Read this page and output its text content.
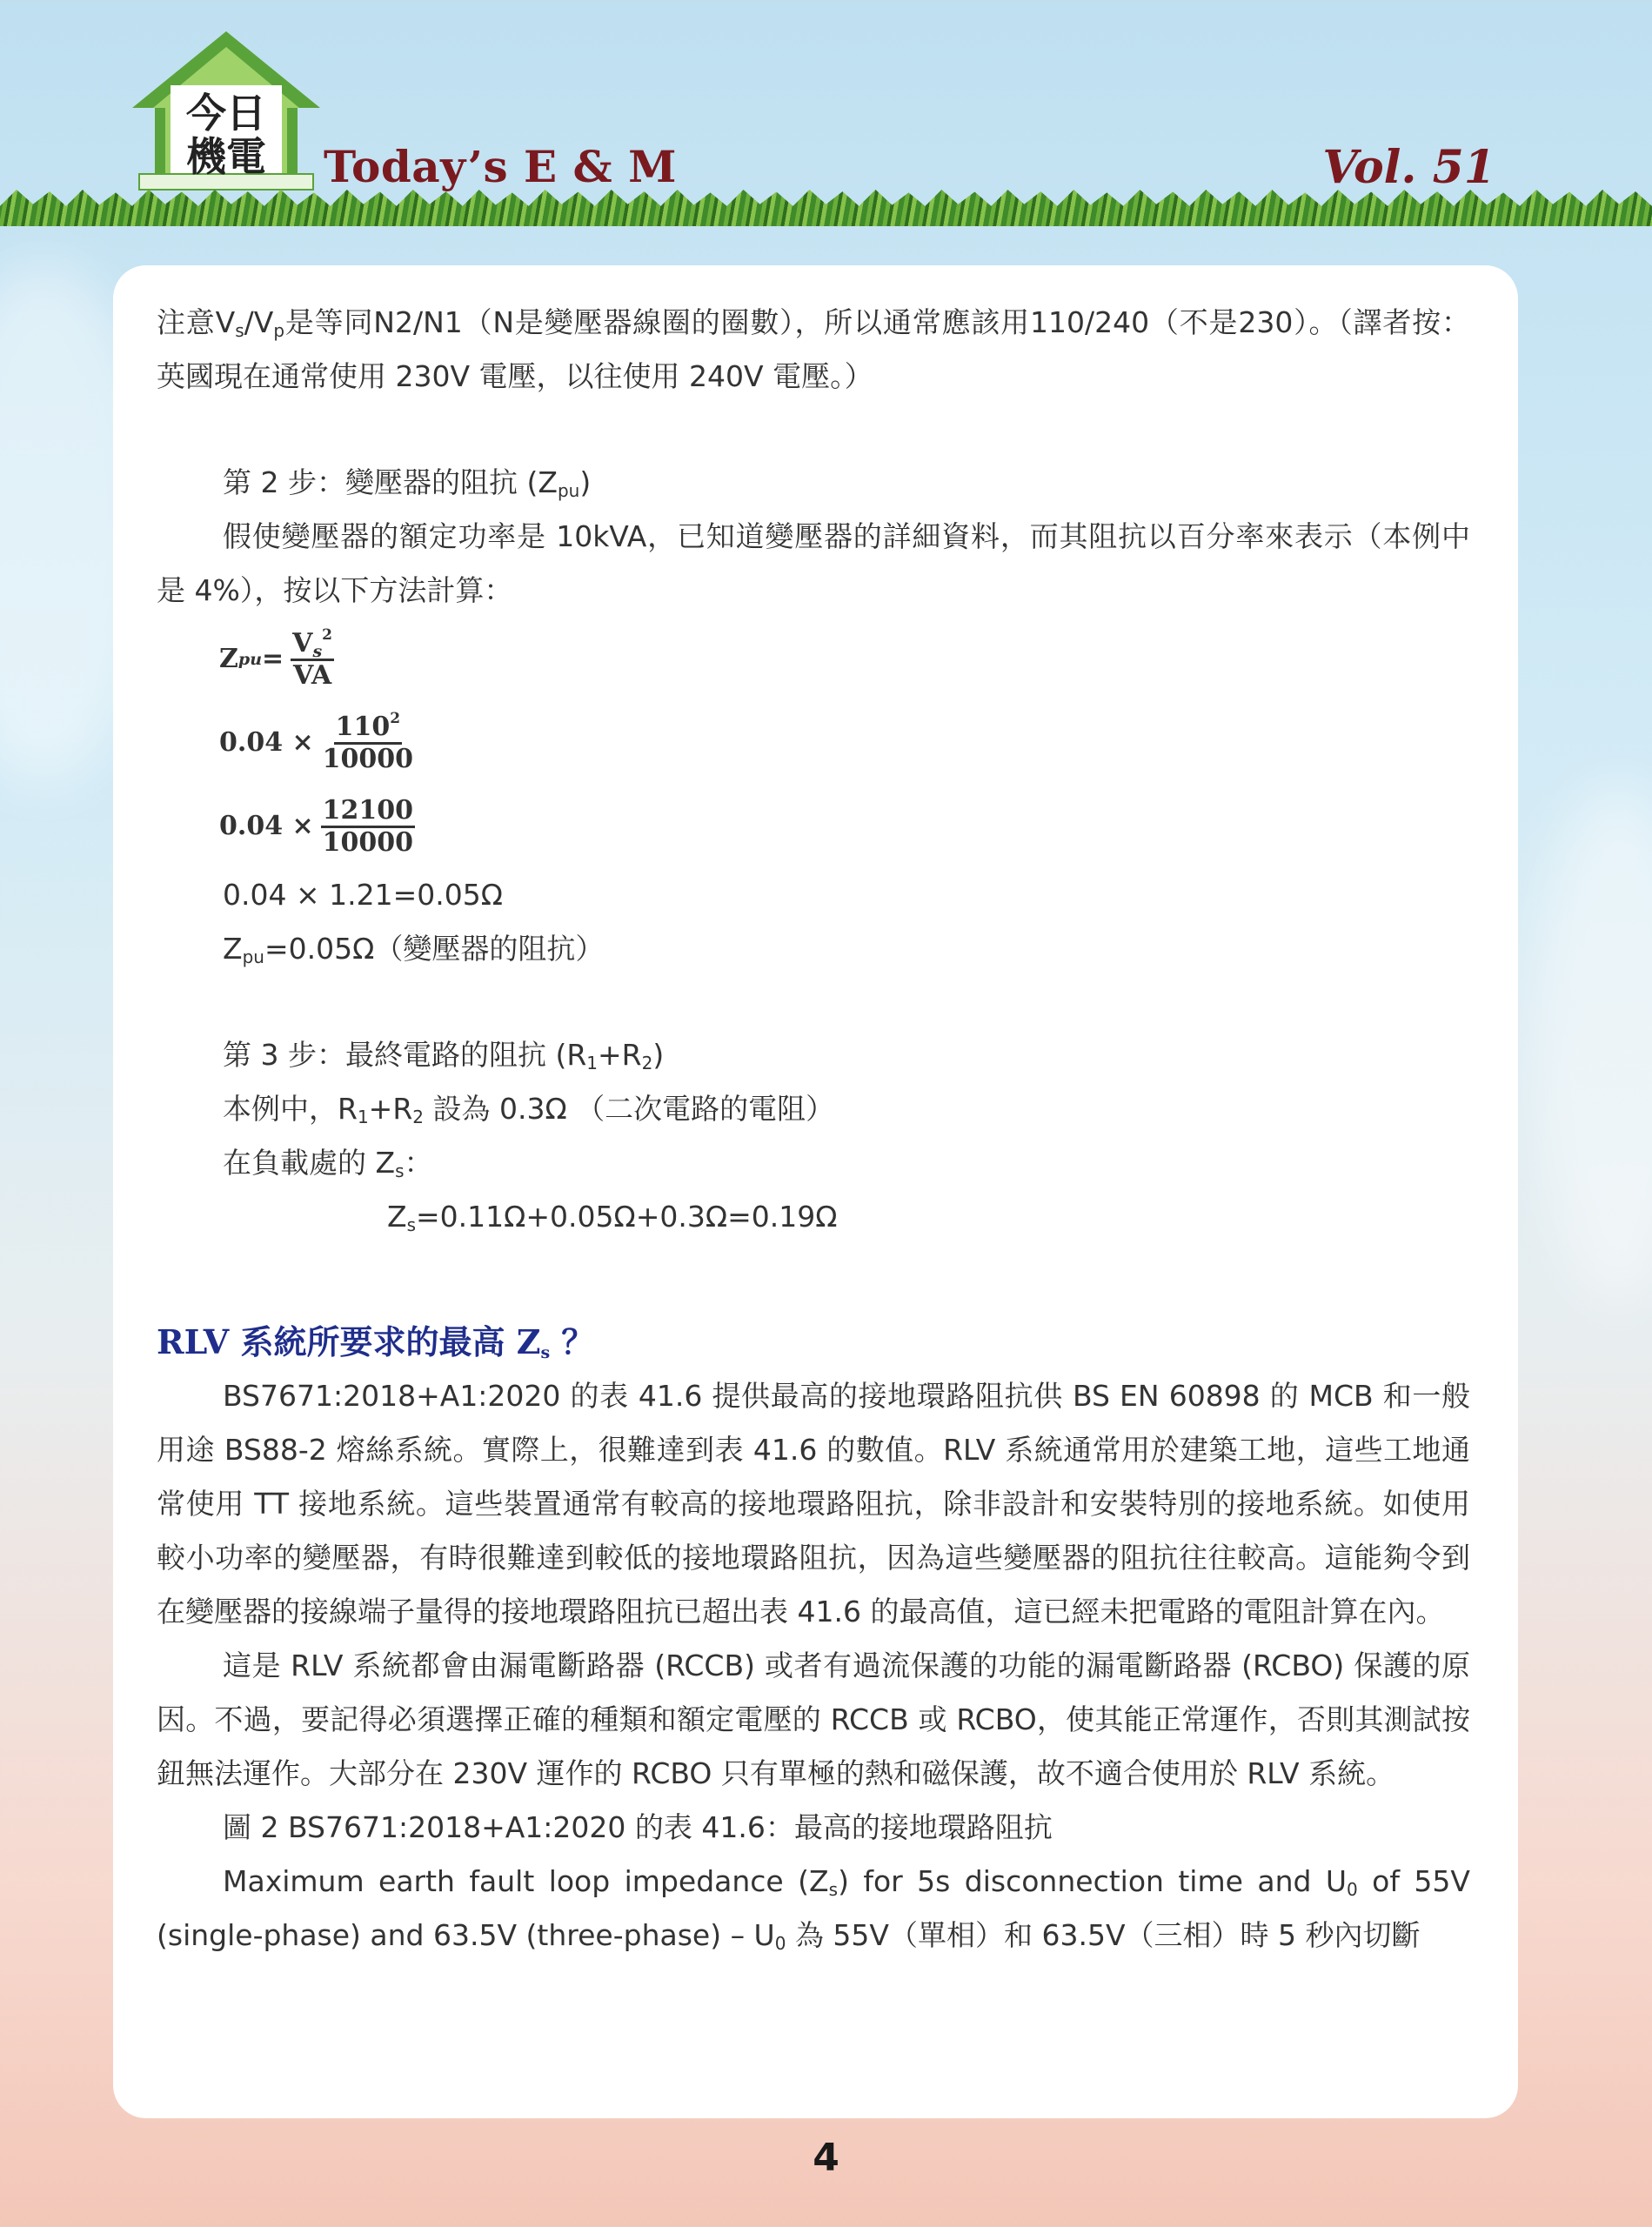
今日
機電 Today’s E & M	Vol. 51

注意$V_s/V_p$是等同N2/N1（N是變壓器線圈的圈數），所以通常應該用110/240（不是230）。（譯者按：英國現在通常使用 230V 電壓，以往使用 240V 電壓。）

第 2 步：變壓器的阻抗 $(Z_{pu})$

假使變壓器的額定功率是 10kVA，已知道變壓器的詳細資料，而其阻抗以百分率來表示（本例中是 4%），按以下方法計算：

Z pu = $\frac{V_s^2}{VA}$
$0.04 \times \frac{110^2}{10000}$
$0.04 \times \frac{12100}{10000}$

0.04 × 1.21=0.05Ω

$Z_{pu}=0.05\Omega$（變壓器的阻抗）

第 3 步：最終電路的阻抗 $(R_1+R_2)$

本例中，$R_1+R_2$ 設為 0.3Ω （二次電路的電阻）

在負載處的 $Z_s$：

$Z_s=0.11\Omega+0.05\Omega+0.3\Omega=0.19\Omega$

RLV 系統所要求的最高 $Z_s$ ？

BS7671:2018+A1:2020 的表 41.6 提供最高的接地環路阻抗供 BS EN 60898 的 MCB 和一般用途 BS88-2 熔絲系統。實際上，很難達到表 41.6 的數值。RLV 系統通常用於建築工地，這些工地通常使用 TT 接地系統。這些裝置通常有較高的接地環路阻抗，除非設計和安裝特別的接地系統。如使用較小功率的變壓器，有時很難達到較低的接地環路阻抗，因為這些變壓器的阻抗往往較高。這能夠令到在變壓器的接線端子量得的接地環路阻抗已超出表 41.6 的最高值，這已經未把電路的電阻計算在內。

這是 RLV 系統都會由漏電斷路器 (RCCB) 或者有過流保護的功能的漏電斷路器 (RCBO) 保護的原因。不過，要記得必須選擇正確的種類和額定電壓的 RCCB 或 RCBO，使其能正常運作，否則其測試按鈕無法運作。大部分在 230V 運作的 RCBO 只有單極的熱和磁保護，故不適合使用於 RLV 系統。

圖 2 BS7671:2018+A1:2020 的表 41.6：最高的接地環路阻抗

Maximum earth fault loop impedance $(Z_s)$ for 5s disconnection time and $U_0$ of 55V (single-phase) and 63.5V (three-phase) – $U_0$ 為 55V（單相）和 63.5V（三相）時 5 秒內切斷

4
